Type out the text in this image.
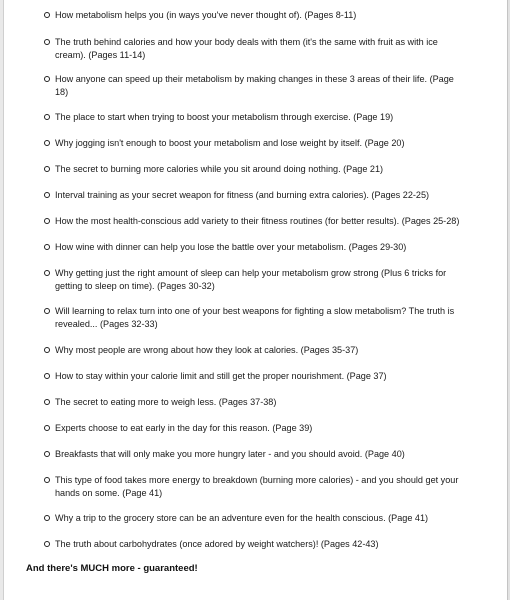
How metabolism helps you (in ways you've never thought of). (Pages 8-11)
The truth behind calories and how your body deals with them (it's the same with fruit as with ice cream). (Pages 11-14)
How anyone can speed up their metabolism by making changes in these 3 areas of their life. (Page 18)
The place to start when trying to boost your metabolism through exercise. (Page 19)
Why jogging isn't enough to boost your metabolism and lose weight by itself. (Page 20)
The secret to burning more calories while you sit around doing nothing. (Page 21)
Interval training as your secret weapon for fitness (and burning extra calories). (Pages 22-25)
How the most health-conscious add variety to their fitness routines (for better results). (Pages 25-28)
How wine with dinner can help you lose the battle over your metabolism. (Pages 29-30)
Why getting just the right amount of sleep can help your metabolism grow strong (Plus 6 tricks for getting to sleep on time). (Pages 30-32)
Will learning to relax turn into one of your best weapons for fighting a slow metabolism? The truth is revealed... (Pages 32-33)
Why most people are wrong about how they look at calories. (Pages 35-37)
How to stay within your calorie limit and still get the proper nourishment. (Page 37)
The secret to eating more to weigh less. (Pages 37-38)
Experts choose to eat early in the day for this reason. (Page 39)
Breakfasts that will only make you more hungry later - and you should avoid. (Page 40)
This type of food takes more energy to breakdown (burning more calories) - and you should get your hands on some. (Page 41)
Why a trip to the grocery store can be an adventure even for the health conscious. (Page 41)
The truth about carbohydrates (once adored by weight watchers)! (Pages 42-43)
And there's MUCH more - guaranteed!
